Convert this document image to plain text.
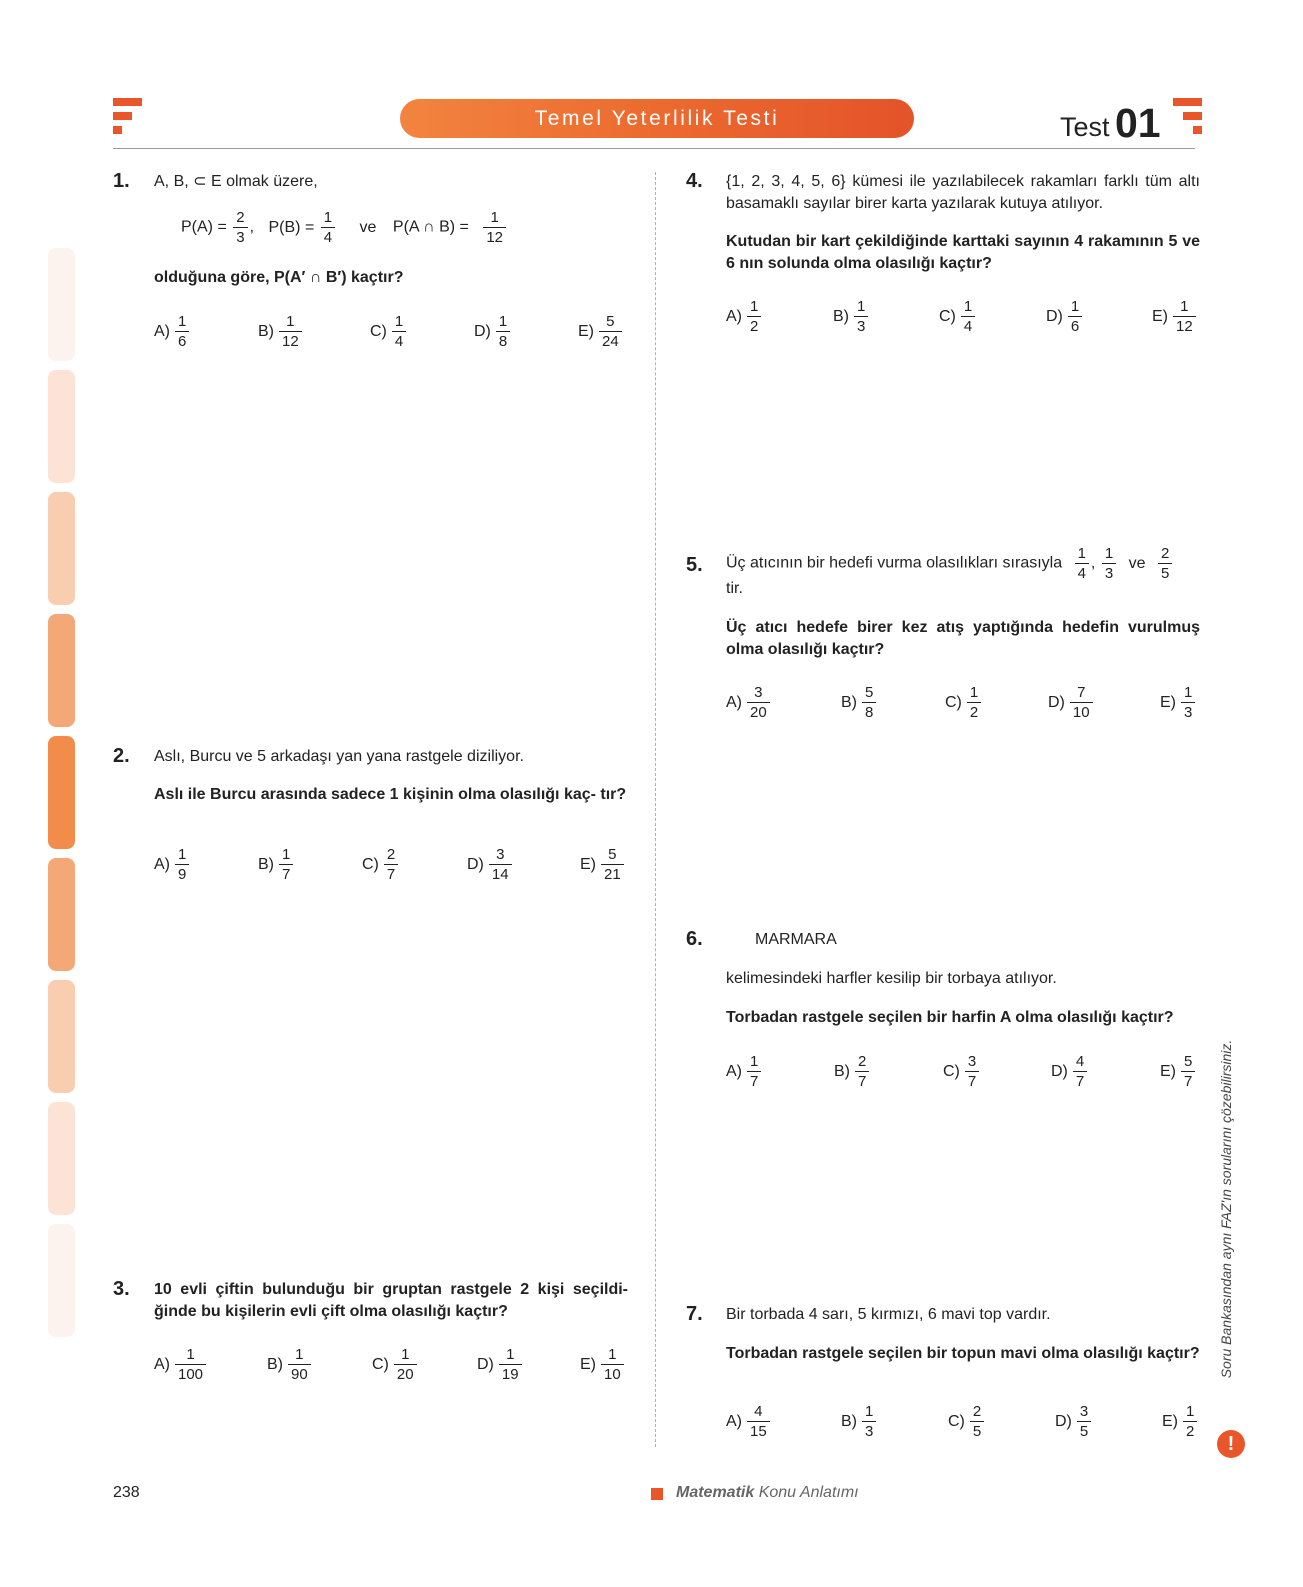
Temel Yeterlilik Testi	Test 01
1. A, B, ⊂ E olmak üzere,
$P(A) = \frac{2}{3}$ , $P(B) = \frac{1}{4}$ ve P(A ∩ $B) = \frac{1}{12}$
olduğuna göre, P(A′ ∩ B′) kaçtır?
$A) \frac{1}{6}$	$B) \frac{1}{12}$	$C) \frac{1}{4}$	$D) \frac{1}{8}$	$E) \frac{5}{24}$
2. Aslı, Burcu ve 5 arkadaşı yan yana rastgele diziliyor.
Aslı ile Burcu arasında sadece 1 kişinin olma olasılığı kaç- tır?
$A) \frac{1}{9}$	$B) \frac{1}{7}$	$C) \frac{2}{7}$	$D) \frac{3}{14}$	$E) \frac{5}{21}$
3. 10 evli çiftin bulunduğu bir gruptan rastgele 2 kişi seçildi- ğinde bu kişilerin evli çift olma olasılığı kaçtır?
$A) \frac{1}{100}$	$B) \frac{1}{90}$	$C) \frac{1}{20}$	$D) \frac{1}{19}$	$E) \frac{1}{10}$
4. {1, 2, 3, 4, 5, 6} kümesi ile yazılabilecek rakamları farklı tüm altı basamaklı sayılar birer karta yazılarak kutuya atılıyor.
Kutudan bir kart çekildiğinde karttaki sayının 4 rakamının 5 ve 6 nın solunda olma olasılığı kaçtır?
$A) \frac{1}{2}$	$B) \frac{1}{3}$	$C) \frac{1}{4}$	$D) \frac{1}{6}$	$E) \frac{1}{12}$
5. Üç atıcının bir hedefi vurma olasılıkları sırasıyla $\frac{1}{4}$ , $\frac{1}{3}$ ve $\frac{2}{5}$
tir.
Üç atıcı hedefe birer kez atış yaptığında hedefin vurulmuş olma olasılığı kaçtır?
$A) \frac{3}{20}$	$B) \frac{5}{8}$	$C) \frac{1}{2}$	$D) \frac{7}{10}$	$E) \frac{1}{3}$
6.	MARMARA
kelimesindeki harfler kesilip bir torbaya atılıyor.
Torbadan rastgele seçilen bir harfin A olma olasılığı kaçtır?
$A) \frac{1}{7}$	$B) \frac{2}{7}$	$C) \frac{3}{7}$	$D) \frac{4}{7}$	$E) \frac{5}{7}$
7. Bir torbada 4 sarı, 5 kırmızı, 6 mavi top vardır.
Torbadan rastgele seçilen bir topun mavi olma olasılığı kaçtır?
$A) \frac{4}{15}$	$B) \frac{1}{3}$	$C) \frac{2}{5}$	$D) \frac{3}{5}$	$E) \frac{1}{2}$
Soru Bankasından aynı FAZ'ın sorularını çözebilirsiniz.
!
238	Matematik Konu Anlatımı
